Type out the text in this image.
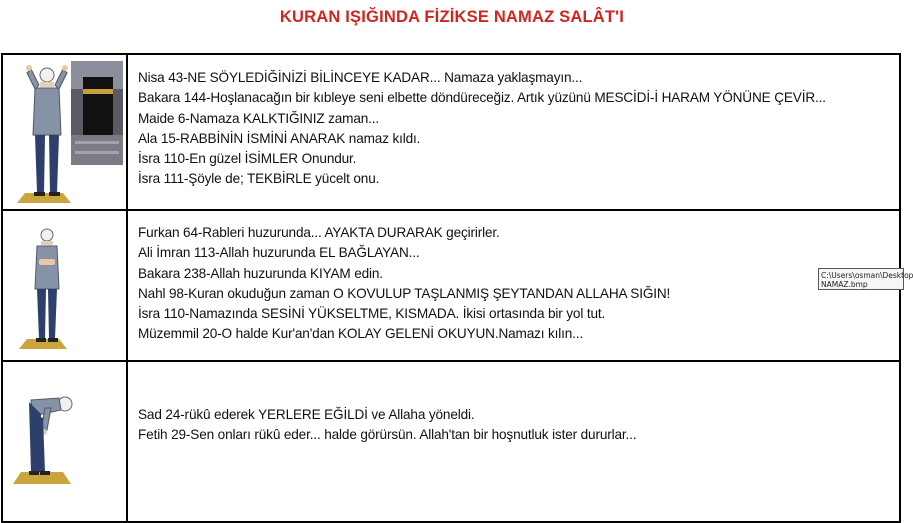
KURAN IŞIĞINDA FİZİKSE NAMAZ SALÂT'I
Nisa 43-NE SÖYLEDİĞİNİZİ BİLİNCEYE KADAR... Namaza yaklaşmayın...
Bakara 144-Hoşlanacağın bir kıbleye seni elbette döndüreceğiz. Artık yüzünü MESCİDİ-İ HARAM YÖNÜNE ÇEVİR...
Maide 6-Namaza KALKTIĞINIZ zaman...
Ala 15-RABBİNİN İSMİNİ ANARAK namaz kıldı.
İsra 110-En güzel İSİMLER Onundur.
İsra 111-Şöyle de; TEKBİRLE yücelt onu.
Furkan 64-Rableri huzurunda... AYAKTA DURARAK geçirirler.
Ali İmran 113-Allah huzurunda EL BAĞLAYAN...
Bakara 238-Allah huzurunda KIYAM edin.
Nahl 98-Kuran okuduğun zaman O KOVULUP TAŞLANMIŞ ŞEYTANDAN ALLAHA SIĞIN!
İsra 110-Namazında SESİNİ YÜKSELTME, KISMADA. İkisi ortasında bir yol tut.
Müzemmil 20-O halde Kur'an'dan KOLAY GELENİ OKUYUN.Namazı kılın...
Sad 24-rükû ederek YERLERE EĞİLDİ ve Allaha yöneldi.
Fetih 29-Sen onları rükû eder... halde görürsün. Allah'tan bir hoşnutluk ister dururlar...
C:\Users\osman\Desktop
NAMAZ.bmp
